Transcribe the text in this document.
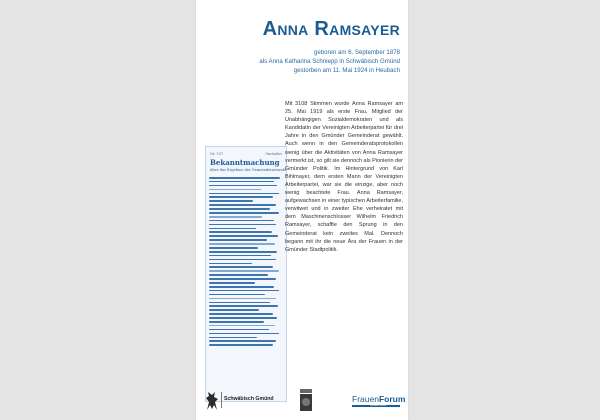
Anna Ramsayer
geboren am 6. September 1878
als Anna Katharina Schniepp in Schwäbisch Gmünd
gestorben am 11. Mai 1924 in Heubach
Nr. 107	Gmünder
Bekanntmachung
über das Ergebnis der Gemeinderatswahl
Mit 3108 Stimmen wurde Anna Ramsayer am 25. Mai 1919 als erste Frau, Mitglied der Unabhängigen Sozialdemokraten und als Kandidatin der Vereinigten Arbeiterpartei für drei Jahre in den Gmünder Gemeinderat gewählt. Auch wenn in den Gemeinderatsprotokollen wenig über die Aktivitäten von Anna Ramsayer vermerkt ist, so gilt sie dennoch als Pionierin der Gmünder Politik. Im Hintergrund von Karl Bihlmayer, dem ersten Mann der Vereinigten Arbeiterpartei, war sie die einzige, aber noch wenig beachtete Frau. Anna Ramsayer, aufgewachsen in einer typischen Arbeiterfamilie, verwitwet und in zweiter Ehe verheiratet mit dem Maschinenschlosser Wilhelm Friedrich Ramsayer, schaffte den Sprung in den Gemeinderat kein zweites Mal. Dennoch begann mit ihr die neue Ära der Frauen in der Gmünder Stadtpolitik.
Schwäbisch Gmünd	FrauenForum
Schwäbisch Gmünd
